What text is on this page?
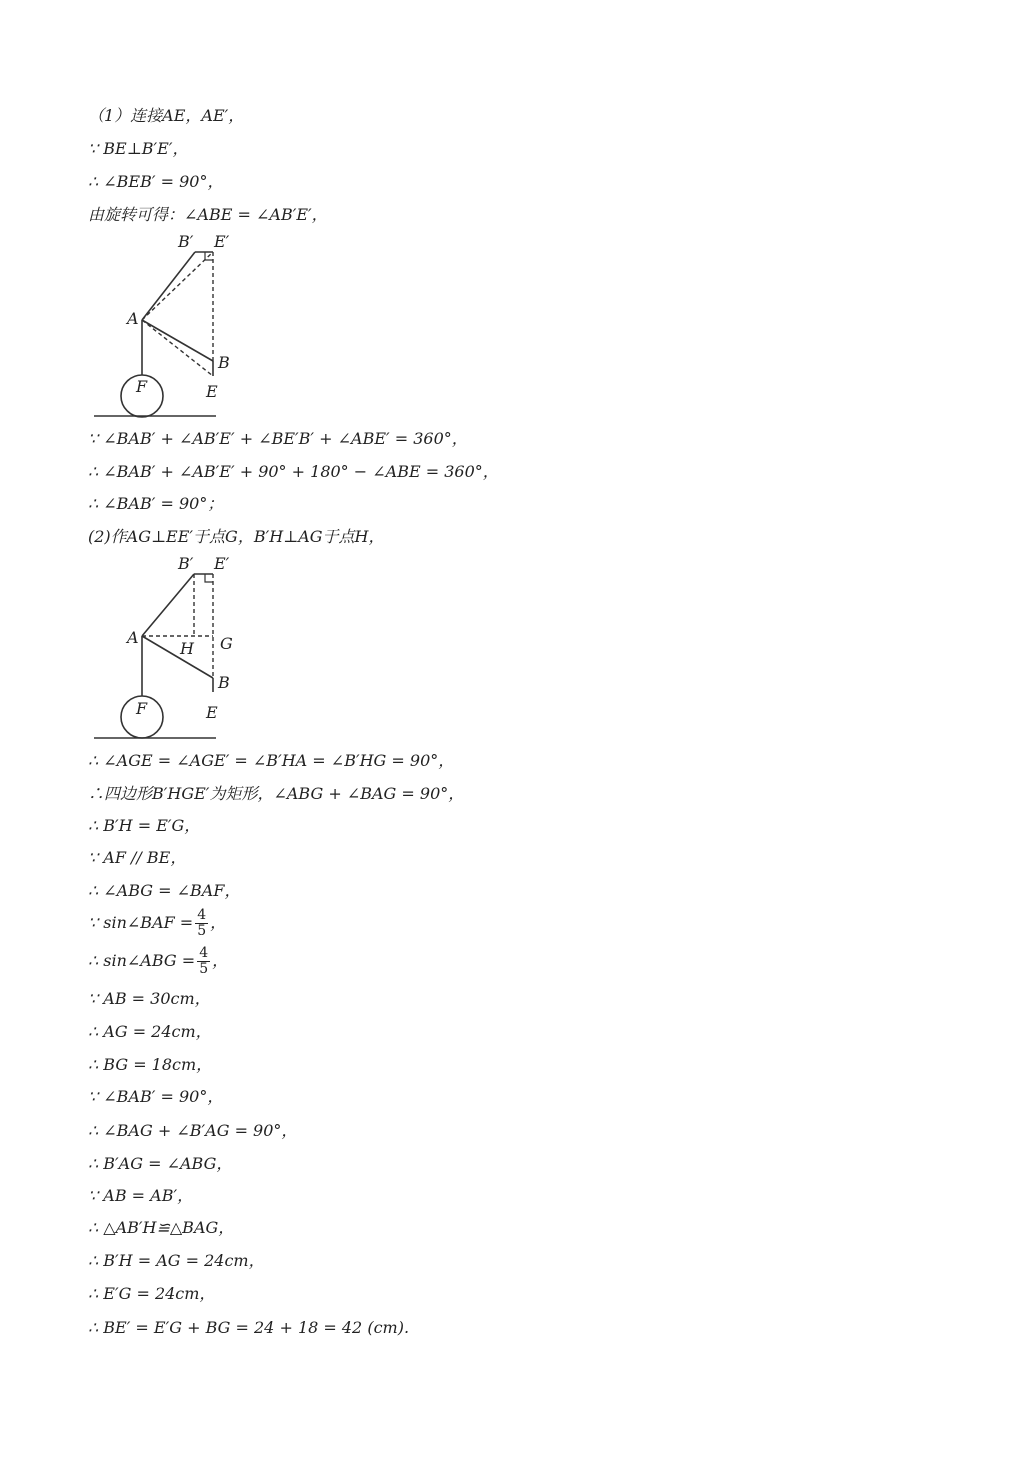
（1）连接AE，AE′，
∵ BE⊥B′E′，
∴ ∠BEB′ = 90°，
由旋转可得：∠ABE = ∠AB′E′，
B′ E′
A
B
E
F
∵ ∠BAB′ + ∠AB′E′ + ∠BE′B′ + ∠ABE′ = 360°，
∴ ∠BAB′ + ∠AB′E′ + 90° + 180° − ∠ABE = 360°，
∴ ∠BAB′ = 90°；
(2)作AG⊥EE′于点G，B′H⊥AG于点H，
B′ E′
A
H G
B
E
F
∴ ∠AGE = ∠AGE′ = ∠B′HA = ∠B′HG = 90°，
∴四边形B′HGE′为矩形，∠ABG + ∠BAG = 90°，
∴ B′H = E′G，
∵ AF // BE，
∴ ∠ABG = ∠BAF，
∵ sin∠BAF = $\frac{4}{5}$ ，
∴ sin∠ABG = $\frac{4}{5}$ ，
∵ AB = 30cm，
∴ AG = 24cm，
∴ BG = 18cm，
∵ ∠BAB′ = 90°，
∴ ∠BAG + ∠B′AG = 90°，
∴ B′AG = ∠ABG，
∵ AB = AB′，
∴ △AB′H≌△BAG，
∴ B′H = AG = 24cm，
∴ E′G = 24cm，
∴ BE′ = E′G + BG = 24 + 18 = 42 (cm).
